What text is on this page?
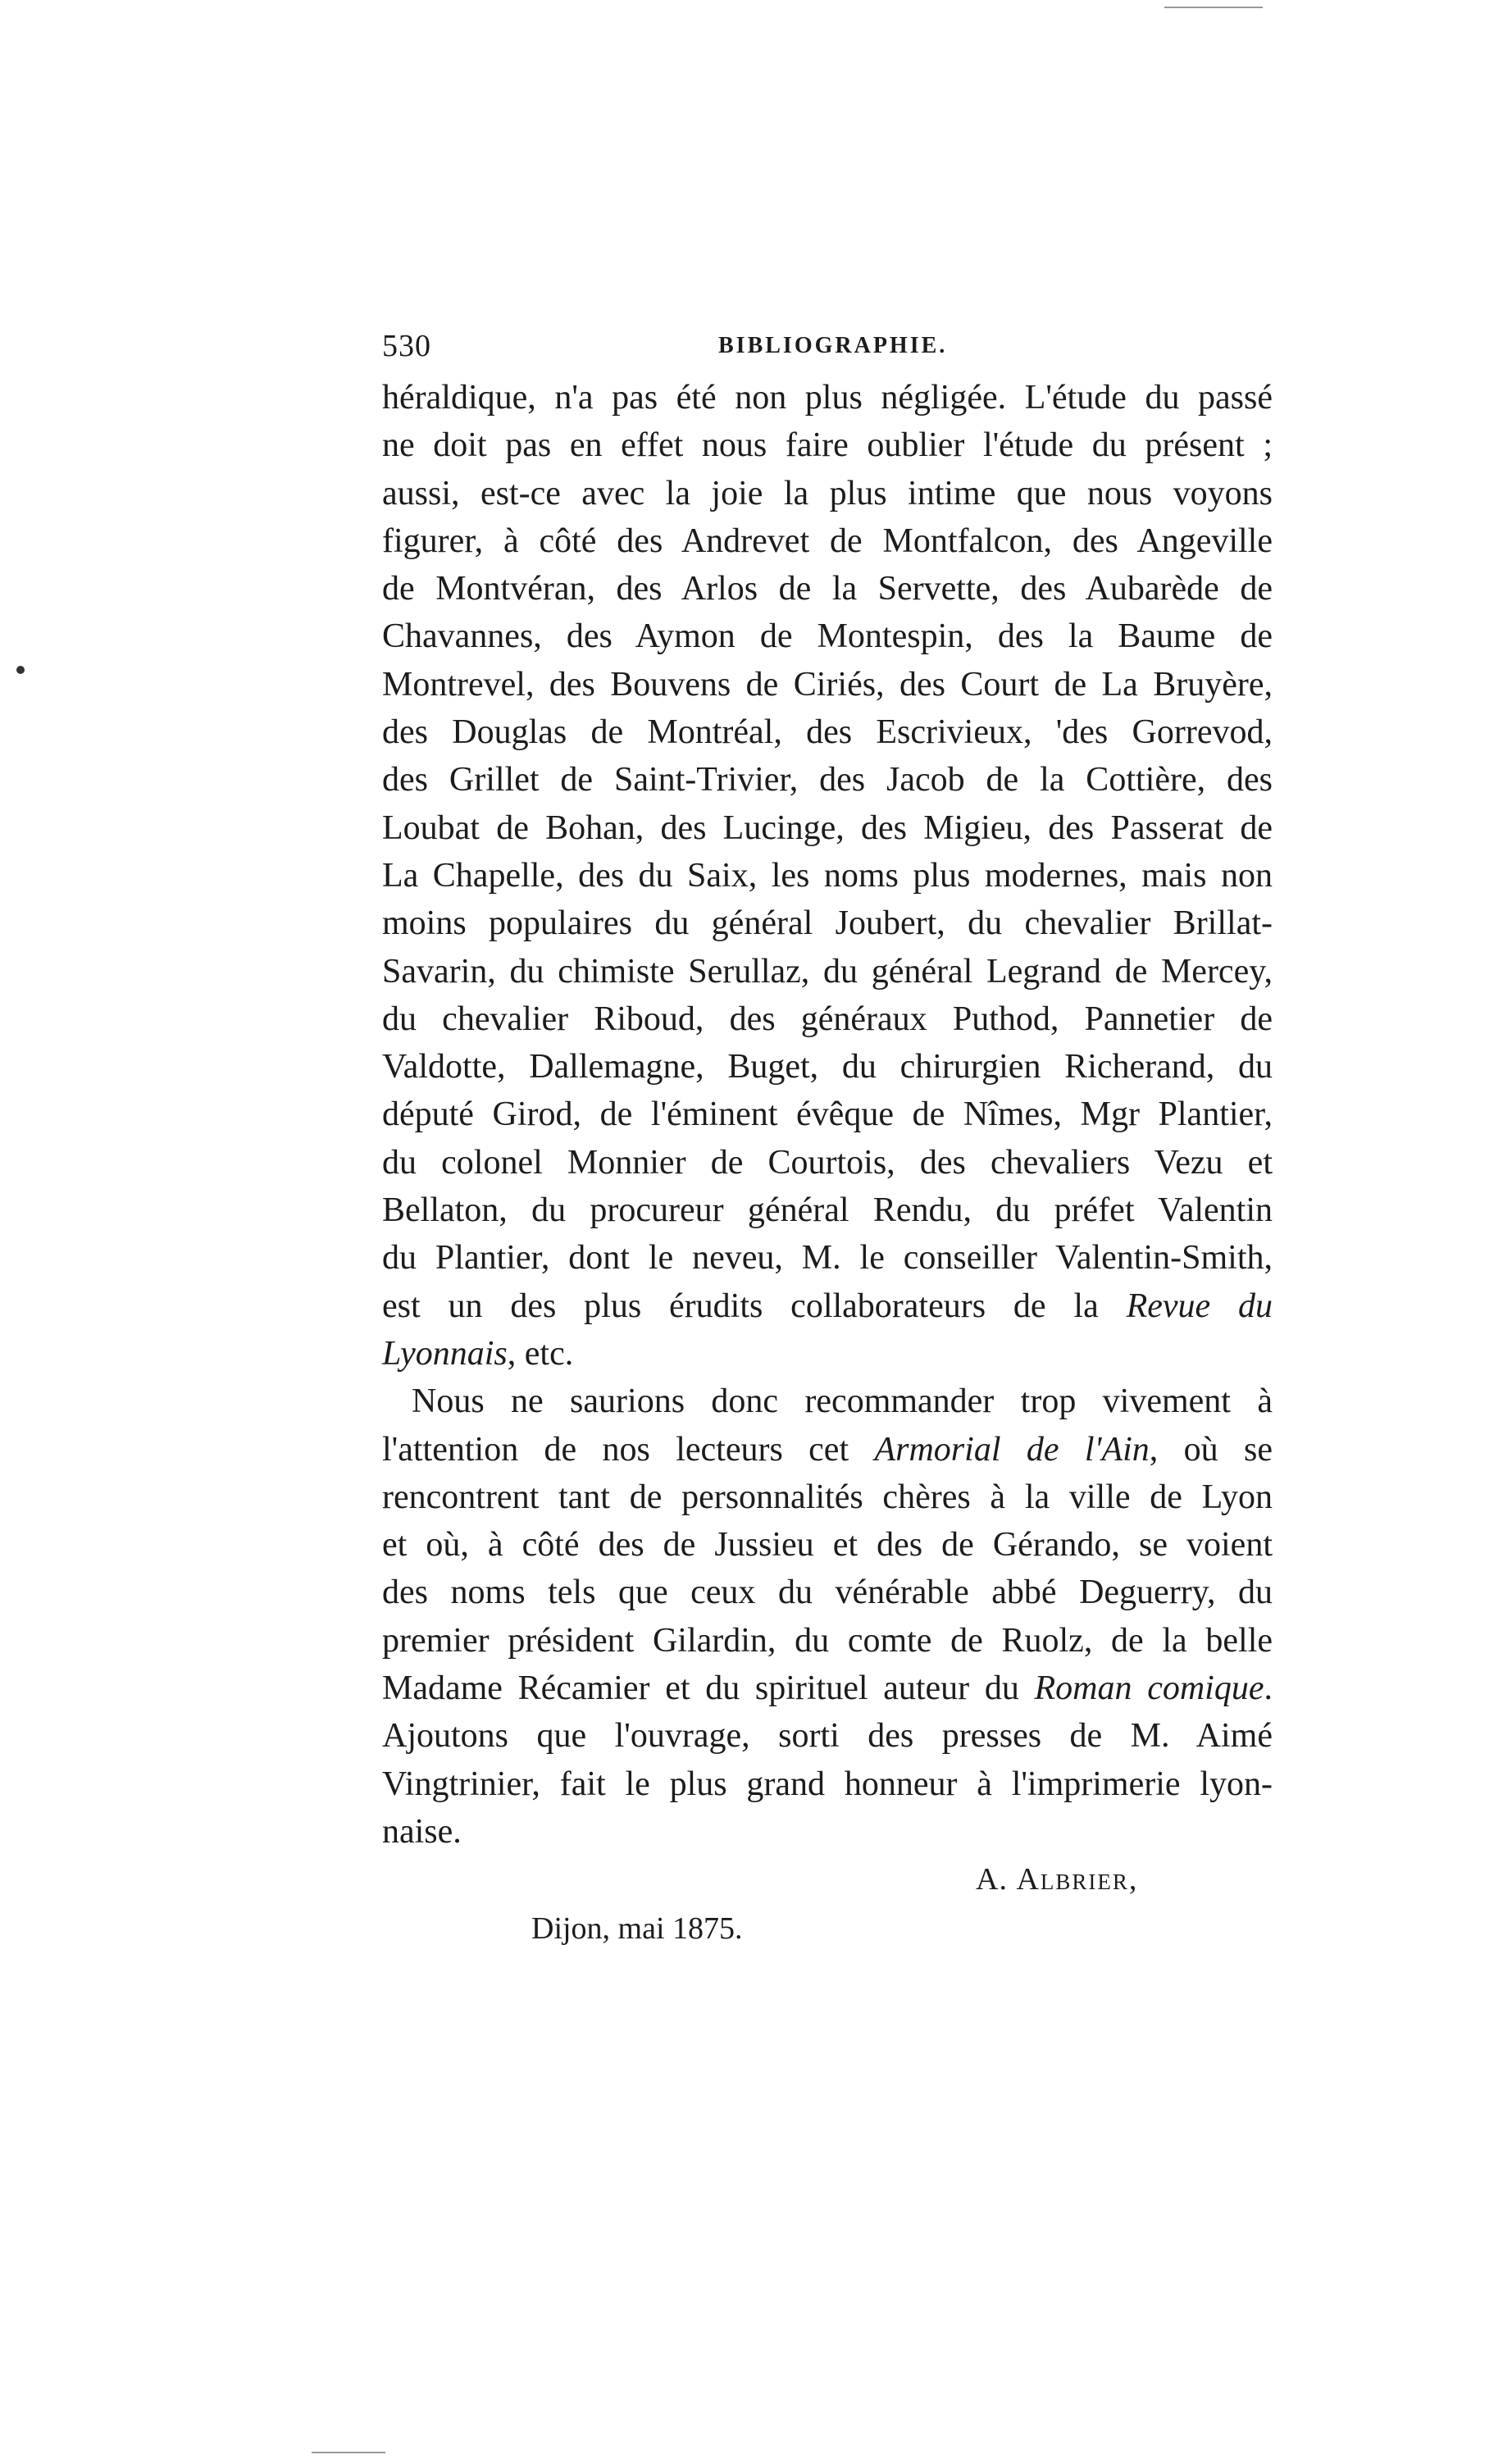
530	BIBLIOGRAPHIE.
héraldique, n'a pas été non plus négligée. L'étude du passé
ne doit pas en effet nous faire oublier l'étude du présent ;
aussi, est-ce avec la joie la plus intime que nous voyons
figurer, à côté des Andrevet de Montfalcon, des Angeville
de Montvéran, des Arlos de la Servette, des Aubarède de
Chavannes, des Aymon de Montespin, des la Baume de
Montrevel, des Bouvens de Ciriés, des Court de La Bruyère,
des Douglas de Montréal, des Escrivieux, 'des Gorrevod,
des Grillet de Saint-Trivier, des Jacob de la Cottière, des
Loubat de Bohan, des Lucinge, des Migieu, des Passerat de
La Chapelle, des du Saix, les noms plus modernes, mais non
moins populaires du général Joubert, du chevalier Brillat-
Savarin, du chimiste Serullaz, du général Legrand de Mercey,
du chevalier Riboud, des généraux Puthod, Pannetier de
Valdotte, Dallemagne, Buget, du chirurgien Richerand, du
député Girod, de l'éminent évêque de Nîmes, Mgr Plantier,
du colonel Monnier de Courtois, des chevaliers Vezu et
Bellaton, du procureur général Rendu, du préfet Valentin
du Plantier, dont le neveu, M. le conseiller Valentin-Smith,
est un des plus érudits collaborateurs de la Revue du
Lyonnais, etc.
Nous ne saurions donc recommander trop vivement à
l'attention de nos lecteurs cet Armorial de l'Ain, où se
rencontrent tant de personnalités chères à la ville de Lyon
et où, à côté des de Jussieu et des de Gérando, se voient
des noms tels que ceux du vénérable abbé Deguerry, du
premier président Gilardin, du comte de Ruolz, de la belle
Madame Récamier et du spirituel auteur du Roman comique.
Ajoutons que l'ouvrage, sorti des presses de M. Aimé
Vingtrinier, fait le plus grand honneur à l'imprimerie lyon-
naise.
A. Albrier,
Dijon, mai 1875.
